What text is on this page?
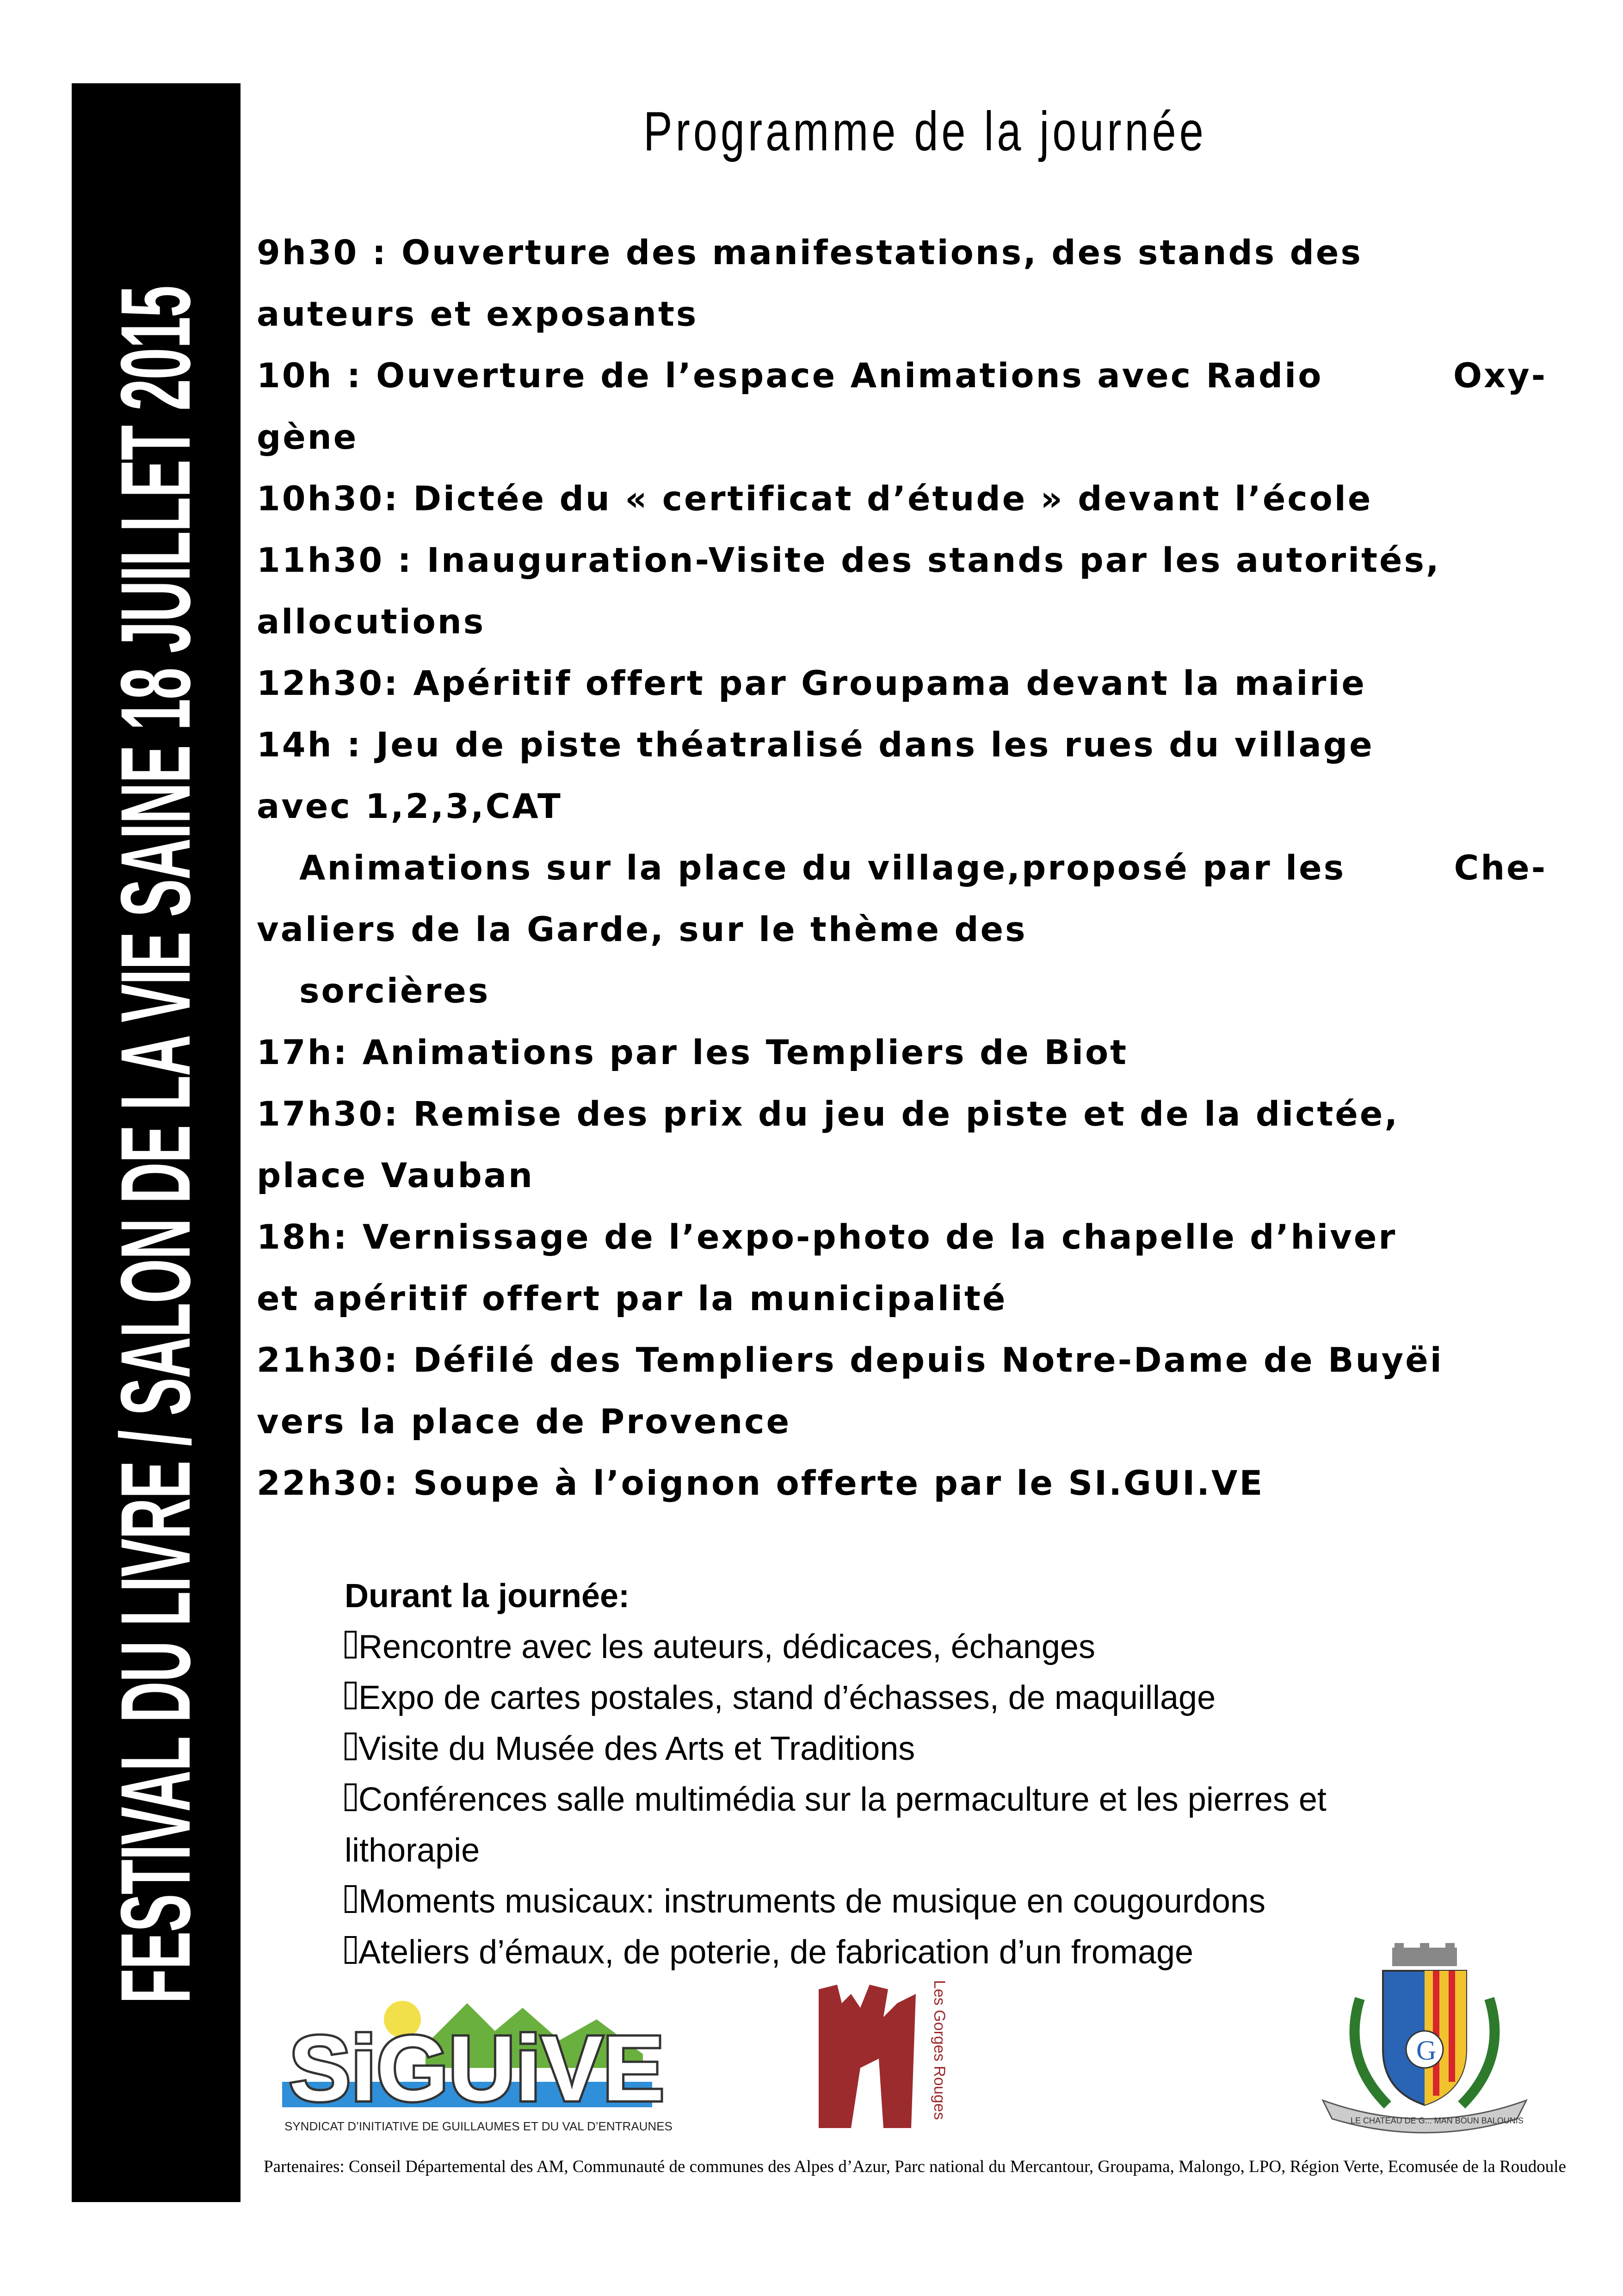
FESTIVAL DU LIVRE / SALON DE LA VIE SAINE 18 JUILLET 2015
Programme de la journée
9h30 : Ouverture des manifestations, des stands des
auteurs et exposants
10h : Ouverture de l’espace Animations avec Radio	Oxy-
gène
10h30: Dictée du « certificat d’étude » devant l’école
11h30 : Inauguration-Visite des stands par les autorités,
allocutions
12h30: Apéritif offert par Groupama devant la mairie
14h : Jeu de piste théatralisé dans les rues du village
avec 1,2,3,CAT
Animations sur la place du village,proposé par les	Che-
valiers de la Garde, sur le thème des
sorcières
17h: Animations par les Templiers de Biot
17h30: Remise des prix du jeu de piste et de la dictée,
place Vauban
18h: Vernissage de l’expo-photo de la chapelle d’hiver
et apéritif offert par la municipalité
21h30: Défilé des Templiers depuis Notre-Dame de Buyëi
vers la place de Provence
22h30: Soupe à l’oignon offerte par le SI.GUI.VE
Durant la journée:
Rencontre avec les auteurs, dédicaces, échanges
Expo de cartes postales, stand d’échasses, de maquillage
Visite du Musée des Arts et Traditions
Conférences salle multimédia sur la permaculture et les pierres et
lithorapie
Moments musicaux: instruments de musique en cougourdons
Ateliers d’émaux, de poterie, de fabrication d’un fromage
SiGUiVE
SYNDICAT D’INITIATIVE DE GUILLAUMES ET DU VAL D’ENTRAUNES
Les Gorges Rouges	G
LE CHATEAU DE G... MAN BOUN BALOUNIS
Partenaires: Conseil Départemental des AM, Communauté de communes des Alpes d’Azur, Parc national du Mercantour, Groupama, Malongo, LPO, Région Verte, Ecomusée de la Roudoule
